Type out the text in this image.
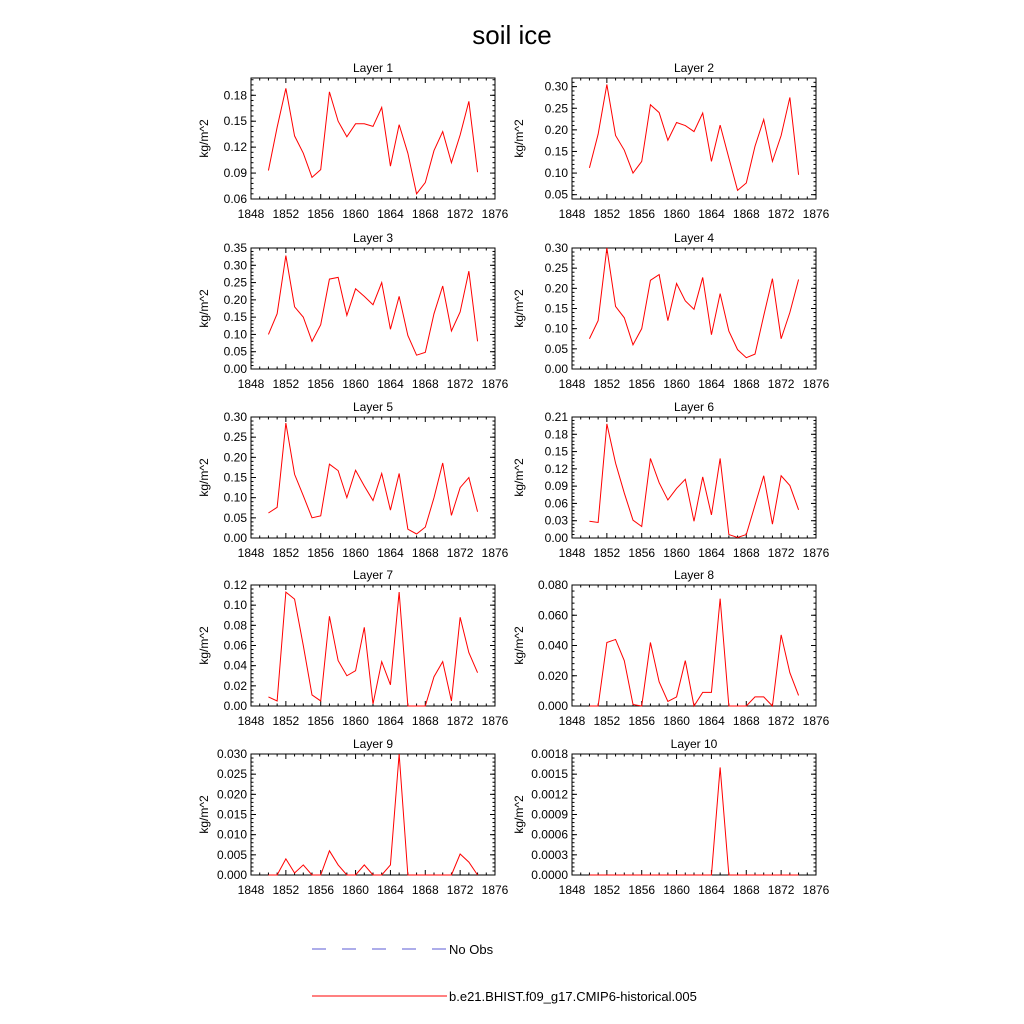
soil ice
Layer 1
1848 1852 1856 1860 1864 1868 1872 1876
0.06
0.09
0.12
0.15
0.18
kg/m^2
Layer 2
1848 1852 1856 1860 1864 1868 1872 1876
0.05
0.10
0.15
0.20
0.25
0.30
kg/m^2
Layer 3
1848 1852 1856 1860 1864 1868 1872 1876
0.00
0.05
0.10
0.15
0.20
0.25
0.30
0.35
kg/m^2
Layer 4
1848 1852 1856 1860 1864 1868 1872 1876
0.00
0.05
0.10
0.15
0.20
0.25
0.30
kg/m^2
Layer 5
1848 1852 1856 1860 1864 1868 1872 1876
0.00
0.05
0.10
0.15
0.20
0.25
0.30
kg/m^2
Layer 6
1848 1852 1856 1860 1864 1868 1872 1876
0.00
0.03
0.06
0.09
0.12
0.15
0.18
0.21
kg/m^2
Layer 7
1848 1852 1856 1860 1864 1868 1872 1876
0.00
0.02
0.04
0.06
0.08
0.10
0.12
kg/m^2
Layer 8
1848 1852 1856 1860 1864 1868 1872 1876
0.000
0.020
0.040
0.060
0.080
kg/m^2
Layer 9
1848 1852 1856 1860 1864 1868 1872 1876
0.000
0.005
0.010
0.015
0.020
0.025
0.030
kg/m^2
Layer 10
1848 1852 1856 1860 1864 1868 1872 1876
0.0000
0.0003
0.0006
0.0009
0.0012
0.0015
0.0018
kg/m^2
No Obs
b.e21.BHIST.f09_g17.CMIP6-historical.005
